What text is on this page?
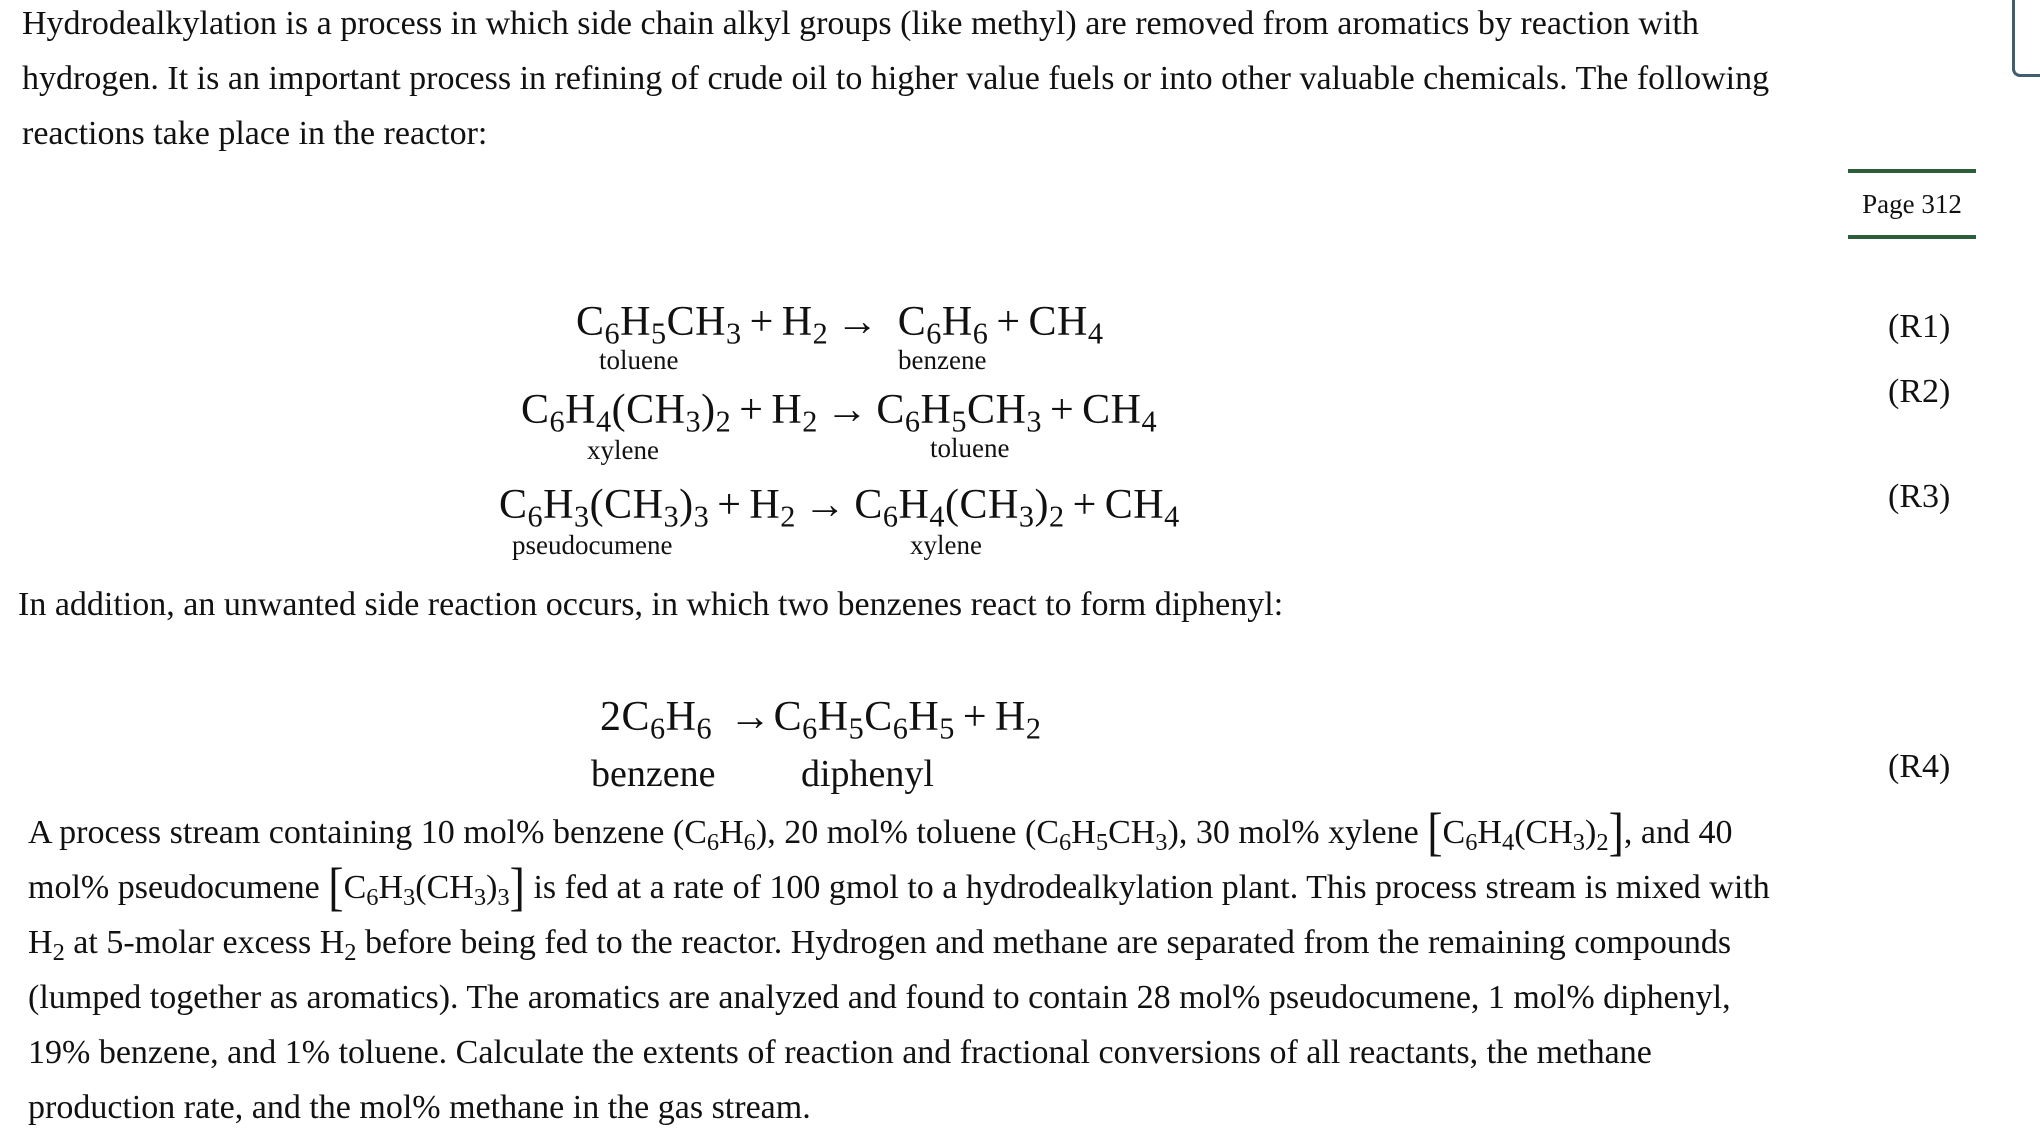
Hydrodealkylation is a process in which side chain alkyl groups (like methyl) are removed from aromatics by reaction with
hydrogen. It is an important process in refining of crude oil to higher value fuels or into other valuable chemicals. The following
reactions take place in the reactor:
Page 312
$C_6H_5CH_3 + H_2 \to C_6H_6 + CH_4$
toluene	benzene
(R1)
$C_6H_4(CH_3)_2 + H_2 \to C_6H_5CH_3 + CH_4$
xylene	toluene
(R2)
$C_6H_3(CH_3)_3 + H_2 \to C_6H_4(CH_3)_2 + CH_4$
pseudocumene	xylene
(R3)
In addition, an unwanted side reaction occurs, in which two benzenes react to form diphenyl:
$2C_6H_6 \to C_6H_5C_6H_5 + H_2$
benzene diphenyl	(R4)
A process stream containing 10 mol% benzene $(C_6H_6)$, 20 mol% toluene $(C_6H_5CH_3)$, 30 mol% xylene $[C_6H_4(CH_3)_2]$, and 40
mol% pseudocumene $[C_6H_3(CH_3)_3]$ is fed at a rate of 100 gmol to a hydrodealkylation plant. This process stream is mixed with
$H_2$ at 5-molar excess $H_2$ before being fed to the reactor. Hydrogen and methane are separated from the remaining compounds
(lumped together as aromatics). The aromatics are analyzed and found to contain 28 mol% pseudocumene, 1 mol% diphenyl,
19% benzene, and 1% toluene. Calculate the extents of reaction and fractional conversions of all reactants, the methane
production rate, and the mol% methane in the gas stream.
